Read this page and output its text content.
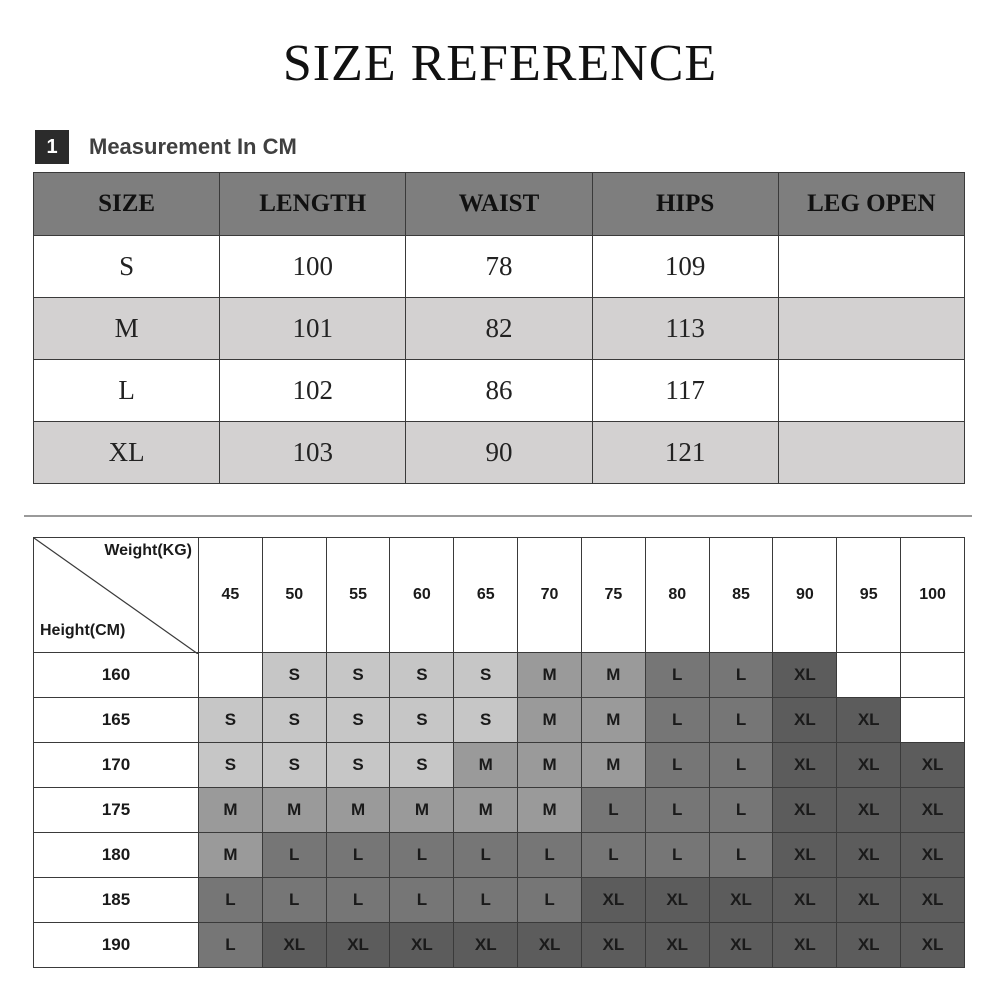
SIZE REFERENCE
1	Measurement In CM
SIZE	LENGTH	WAIST	HIPS	LEG OPEN
S	100	78	109	
M	101	82	113	
L	102	86	117	
XL	103	90	121	
Weight(KG)
Height(CM)	45	50	55	60	65	70	75	80	85	90	95	100
160		S	S	S	S	M	M	L	L	XL		
165	S	S	S	S	S	M	M	L	L	XL	XL	
170	S	S	S	S	M	M	M	L	L	XL	XL	XL
175	M	M	M	M	M	M	L	L	L	XL	XL	XL
180	M	L	L	L	L	L	L	L	L	XL	XL	XL
185	L	L	L	L	L	L	XL	XL	XL	XL	XL	XL
190	L	XL	XL	XL	XL	XL	XL	XL	XL	XL	XL	XL
